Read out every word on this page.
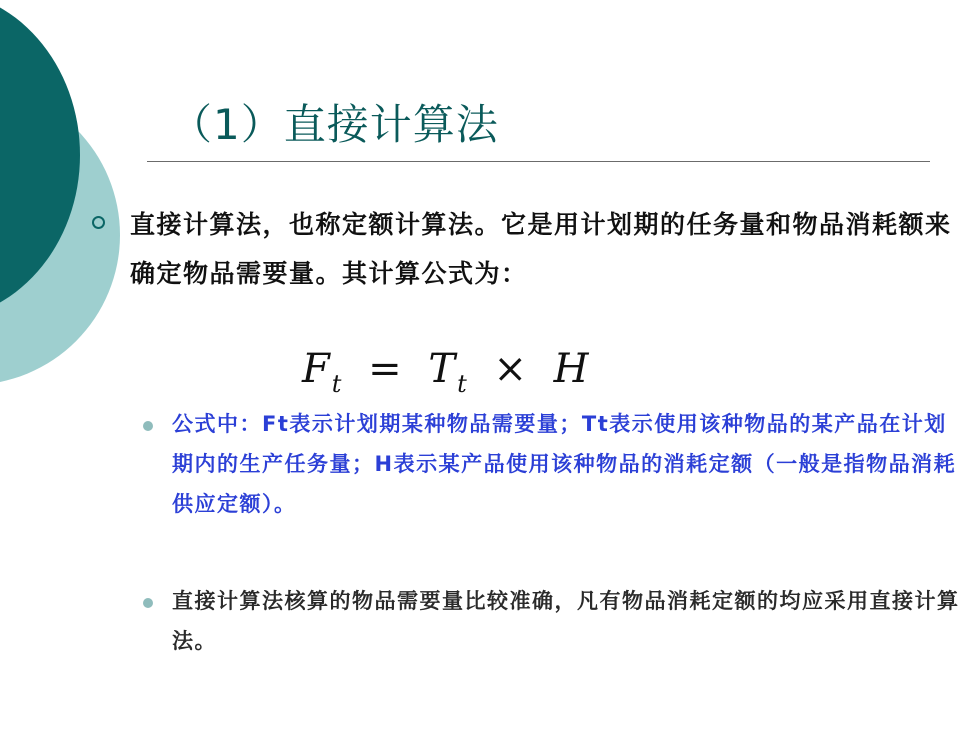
（1）直接计算法
直接计算法，也称定额计算法。它是用计划期的任务量和物品消耗额来确定物品需要量。其计算公式为：
$F_t = T_t \times H$
公式中：Ft表示计划期某种物品需要量；Tt表示使用该种物品的某产品在计划期内的生产任务量；H表示某产品使用该种物品的消耗定额（一般是指物品消耗供应定额）。
直接计算法核算的物品需要量比较准确，凡有物品消耗定额的均应采用直接计算法。
